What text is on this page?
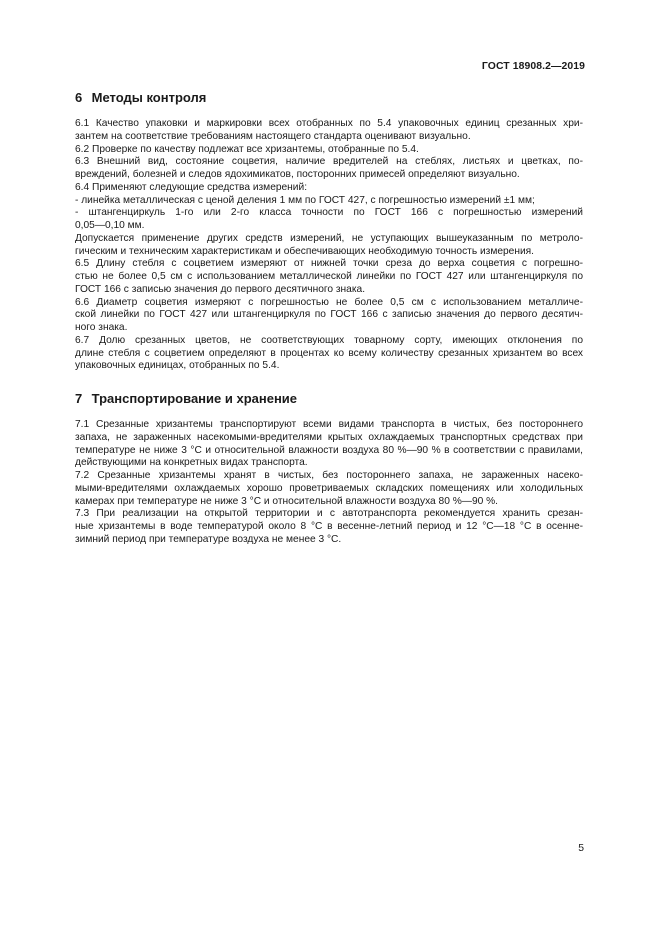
ГОСТ 18908.2—2019
6 Методы контроля
6.1 Качество упаковки и маркировки всех отобранных по 5.4 упаковочных единиц срезанных хри-
зантем на соответствие требованиям настоящего стандарта оценивают визуально.
6.2 Проверке по качеству подлежат все хризантемы, отобранные по 5.4.
6.3 Внешний вид, состояние соцветия, наличие вредителей на стеблях, листьях и цветках, по-
вреждений, болезней и следов ядохимикатов, посторонних примесей определяют визуально.
6.4 Применяют следующие средства измерений:
- линейка металлическая с ценой деления 1 мм по ГОСТ 427, с погрешностью измерений ±1 мм;
- штангенциркуль 1-го или 2-го класса точности по ГОСТ 166 с погрешностью измерений
0,05—0,10 мм.
Допускается применение других средств измерений, не уступающих вышеуказанным по метроло-
гическим и техническим характеристикам и обеспечивающих необходимую точность измерения.
6.5 Длину стебля с соцветием измеряют от нижней точки среза до верха соцветия с погрешно-
стью не более 0,5 см с использованием металлической линейки по ГОСТ 427 или штангенциркуля по
ГОСТ 166 с записью значения до первого десятичного знака.
6.6 Диаметр соцветия измеряют с погрешностью не более 0,5 см с использованием металличе-
ской линейки по ГОСТ 427 или штангенциркуля по ГОСТ 166 с записью значения до первого десятич-
ного знака.
6.7 Долю срезанных цветов, не соответствующих товарному сорту, имеющих отклонения по
длине стебля с соцветием определяют в процентах ко всему количеству срезанных хризантем во всех
упаковочных единицах, отобранных по 5.4.
7 Транспортирование и хранение
7.1 Срезанные хризантемы транспортируют всеми видами транспорта в чистых, без постороннего
запаха, не зараженных насекомыми-вредителями крытых охлаждаемых транспортных средствах при
температуре не ниже 3 °С и относительной влажности воздуха 80 %—90 % в соответствии с правилами,
действующими на конкретных видах транспорта.
7.2 Срезанные хризантемы хранят в чистых, без постороннего запаха, не зараженных насеко-
мыми-вредителями охлаждаемых хорошо проветриваемых складских помещениях или холодильных
камерах при температуре не ниже 3 °С и относительной влажности воздуха 80 %—90 %.
7.3 При реализации на открытой территории и с автотранспорта рекомендуется хранить срезан-
ные хризантемы в воде температурой около 8 °С в весенне-летний период и 12 °С—18 °С в осенне-
зимний период при температуре воздуха не менее 3 °С.
5
